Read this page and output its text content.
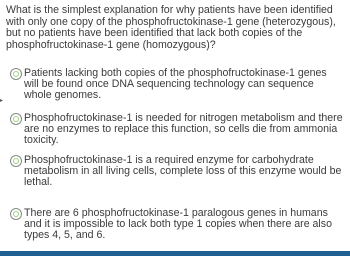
What is the simplest explanation for why patients have been identified with only one copy of the phosphofructokinase-1 gene (heterozygous), but no patients have been identified that lack both copies of the phosphofructokinase-1 gene (homozygous)?

▸
Patients lacking both copies of the phosphofructokinase-1 genes will be found once DNA sequencing technology can sequence whole genomes.
Phosphofructokinase-1 is needed for nitrogen metabolism and there are no enzymes to replace this function, so cells die from ammonia toxicity.
Phosphofructokinase-1 is a required enzyme for carbohydrate metabolism in all living cells, complete loss of this enzyme would be lethal.
There are 6 phosphofructokinase-1 paralogous genes in humans and it is impossible to lack both type 1 copies when there are also types 4, 5, and 6.
